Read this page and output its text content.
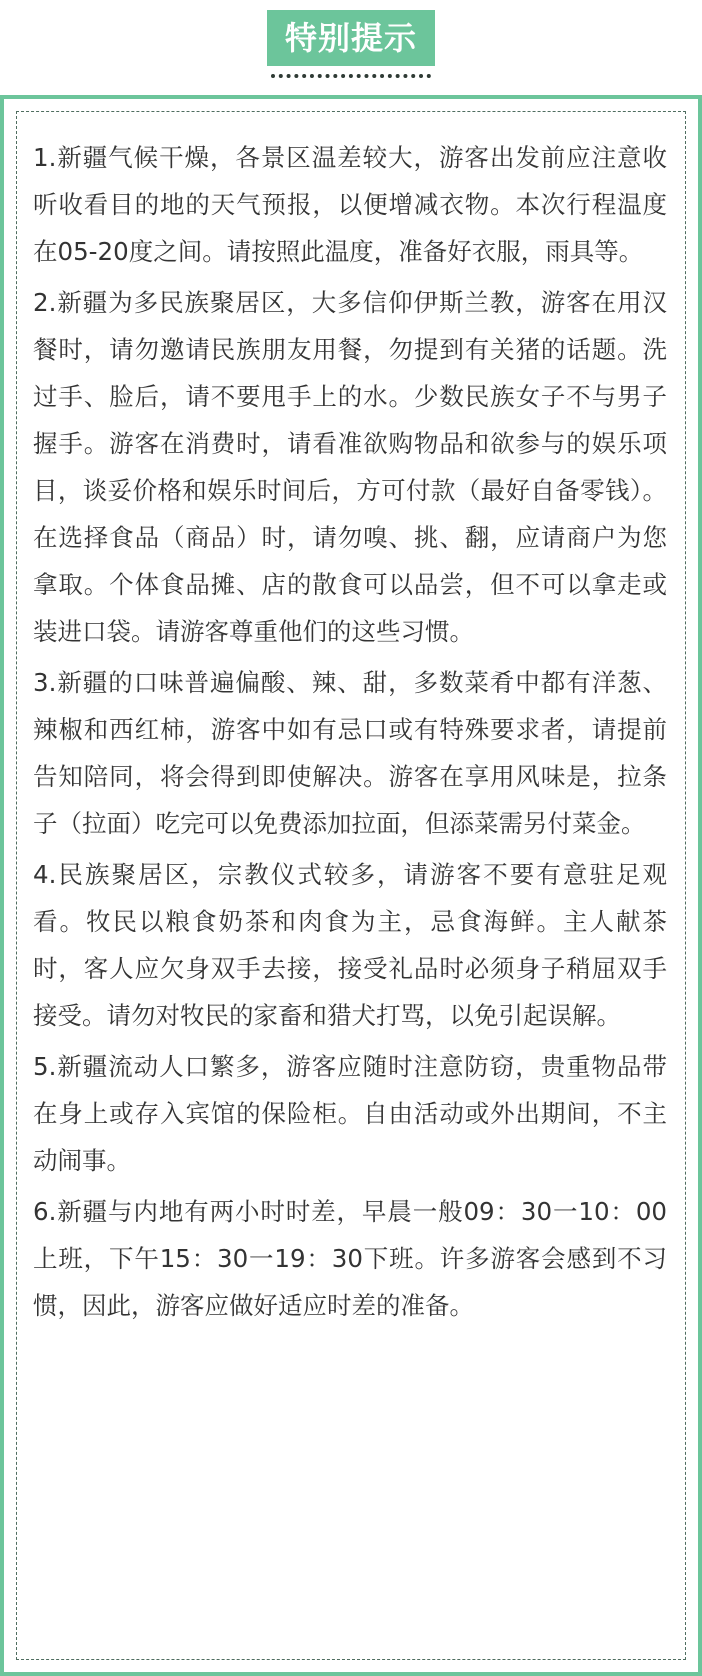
特别提示

1.新疆气候干燥，各景区温差较大，游客出发前应注意收听收看目的地的天气预报，以便增减衣物。本次行程温度在05-20度之间。请按照此温度，准备好衣服，雨具等。

2.新疆为多民族聚居区，大多信仰伊斯兰教，游客在用汉餐时，请勿邀请民族朋友用餐，勿提到有关猪的话题。洗过手、脸后，请不要甩手上的水。少数民族女子不与男子握手。游客在消费时，请看准欲购物品和欲参与的娱乐项目，谈妥价格和娱乐时间后，方可付款（最好自备零钱）。在选择食品（商品）时，请勿嗅、挑、翻，应请商户为您拿取。个体食品摊、店的散食可以品尝，但不可以拿走或装进口袋。请游客尊重他们的这些习惯。

3.新疆的口味普遍偏酸、辣、甜，多数菜肴中都有洋葱、辣椒和西红柿，游客中如有忌口或有特殊要求者，请提前告知陪同，将会得到即使解决。游客在享用风味是，拉条子（拉面）吃完可以免费添加拉面，但添菜需另付菜金。

4.民族聚居区，宗教仪式较多，请游客不要有意驻足观看。牧民以粮食奶茶和肉食为主，忌食海鲜。主人献茶时，客人应欠身双手去接，接受礼品时必须身子稍屈双手接受。请勿对牧民的家畜和猎犬打骂，以免引起误解。

5.新疆流动人口繁多，游客应随时注意防窃，贵重物品带在身上或存入宾馆的保险柜。自由活动或外出期间，不主动闹事。

6.新疆与内地有两小时时差，早晨一般09：30一10：00上班，下午15：30一19：30下班。许多游客会感到不习惯，因此，游客应做好适应时差的准备。
